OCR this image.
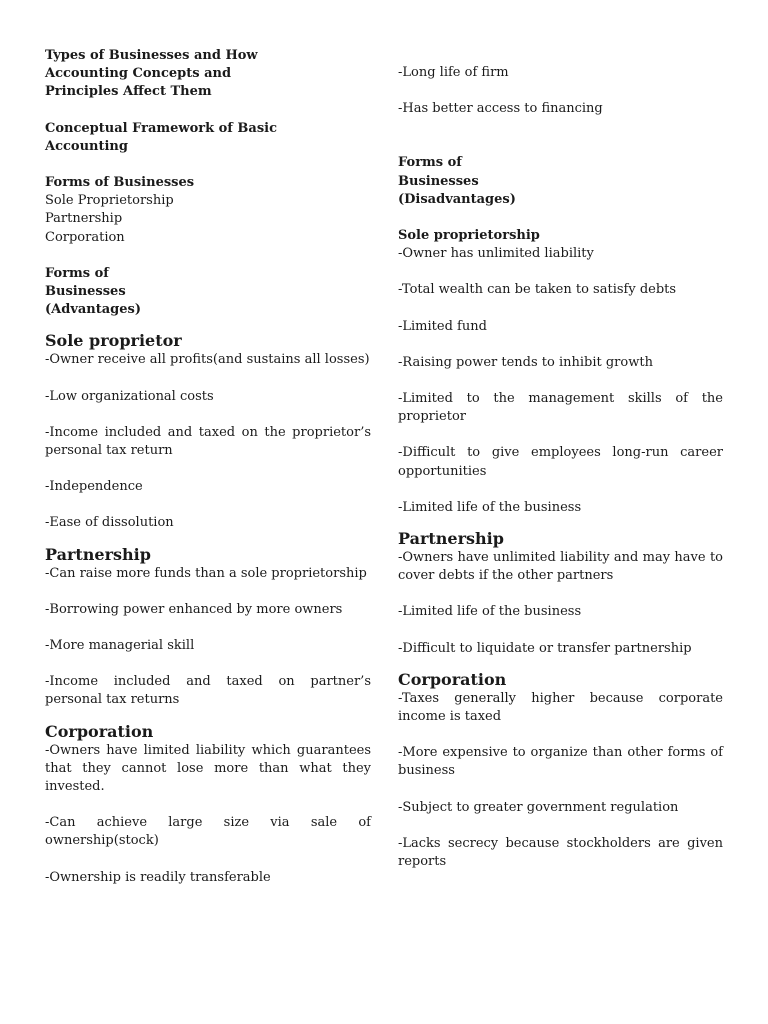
Types of Businesses and How

Accounting Concepts and

Principles Affect Them

Conceptual Framework of Basic

Accounting

Forms of Businesses

Sole Proprietorship

Partnership

Corporation

Forms of

Businesses

(Advantages)

Sole proprietor

-Owner receive all profits(and sustains all losses)

-Low organizational costs

-Income included and taxed on the proprietor’s personal tax return

-Independence

-Ease of dissolution

Partnership

-Can raise more funds than a sole proprietorship

-Borrowing power enhanced by more owners

-More managerial skill

-Income included and taxed on partner’s personal tax returns

Corporation

-Owners have limited liability which guarantees that they cannot lose more than what they invested.

-Can achieve large size via sale of ownership(stock)

-Ownership is readily transferable

-Long life of firm

-Has better access to financing

Forms of

Businesses

(Disadvantages)

Sole proprietorship

-Owner has unlimited liability

-Total wealth can be taken to satisfy debts

-Limited fund

-Raising power tends to inhibit growth

-Limited to the management skills of the proprietor

-Difficult to give employees long-run career opportunities

-Limited life of the business

Partnership

-Owners have unlimited liability and may have to cover debts if the other partners

-Limited life of the business

-Difficult to liquidate or transfer partnership

Corporation

-Taxes generally higher because corporate income is taxed

-More expensive to organize than other forms of business

-Subject to greater government regulation

-Lacks secrecy because stockholders are given reports
